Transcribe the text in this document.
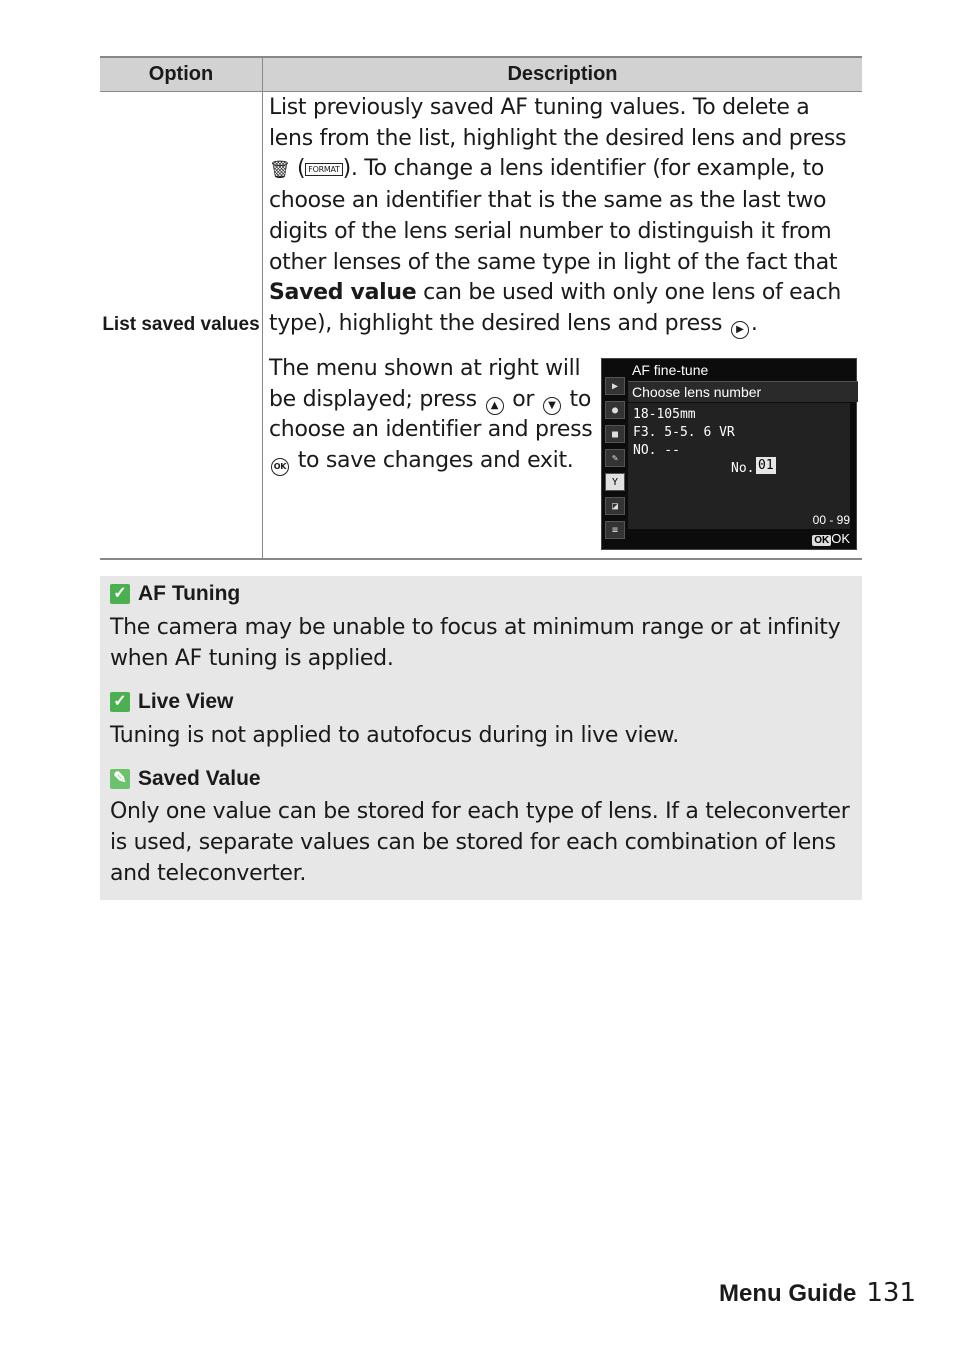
Option	Description
List saved values

List previously saved AF tuning values. To delete a lens from the list, highlight the desired lens and press 🗑 ( FORMAT ). To change a lens identifier (for example, to choose an identifier that is the same as the last two digits of the lens serial number to distinguish it from other lenses of the same type in light of the fact that Saved value can be used with only one lens of each type), highlight the desired lens and press ▶ .

The menu shown at right will be displayed; press ▲ or ▼ to choose an identifier and press OK to save changes and exit.

▶
●
■
✎
Y
◪
≡
AF fine-tune
Choose lens number
18-105mm
F3. 5-5. 6 VR
NO. --
No. 01
00 - 99
OK OK
✓ AF Tuning

The camera may be unable to focus at minimum range or at infinity when AF tuning is applied.

✓ Live View

Tuning is not applied to autofocus during in live view.

✎ Saved Value

Only one value can be stored for each type of lens. If a teleconverter is used, separate values can be stored for each combination of lens and teleconverter.

Menu Guide 131
